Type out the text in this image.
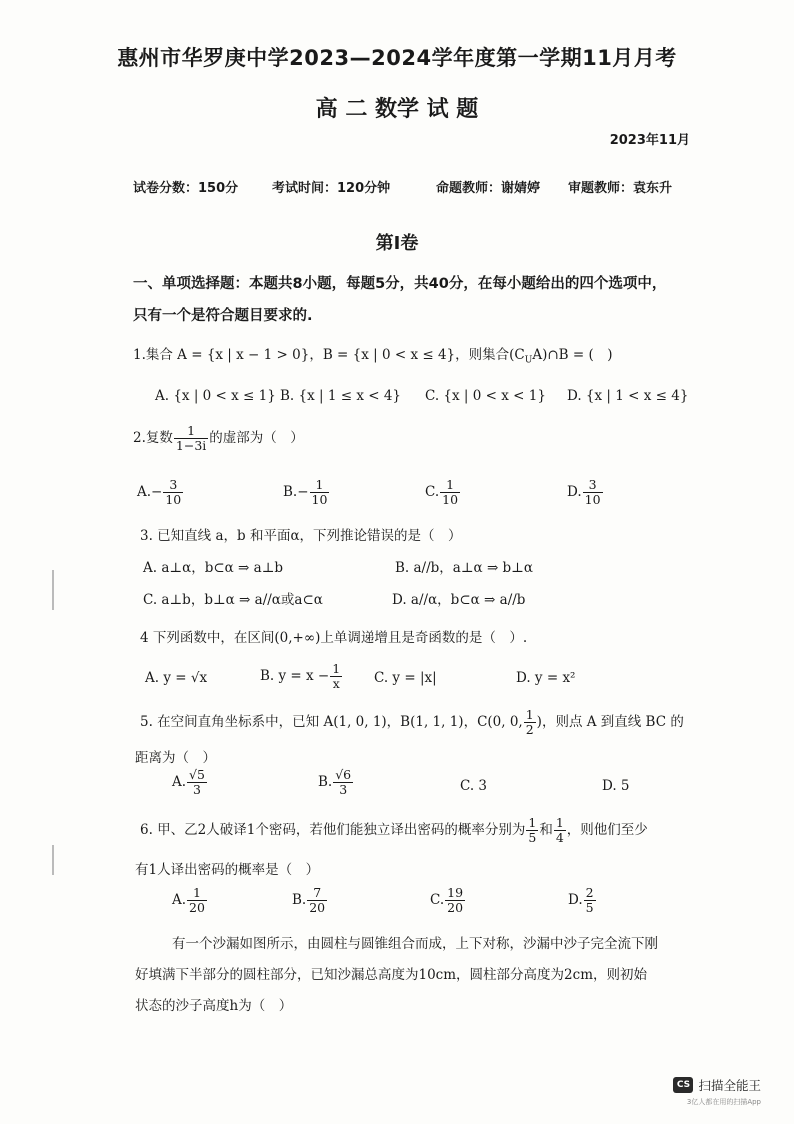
惠州市华罗庚中学2023—2024学年度第一学期11月月考
高 二 数学 试 题
2023年11月
试卷分数：150分	考试时间：120分钟	命题教师：谢婧婷 审题教师：袁东升
第Ⅰ卷
一、单项选择题：本题共8小题，每题5分，共40分，在每小题给出的四个选项中，
只有一个是符合题目要求的.
1.集合 A = {x | x − 1 > 0}，B = {x | 0 < x ≤ 4}，则集合$(C_UA)\cap B$ = (　)
A. {x | 0 < x ≤ 1} B. {x | 1 ≤ x < 4} C. {x | 0 < x < 1} D. {x | 1 < x ≤ 4}
2.复数 $\frac{1}{1-3i}$ 的虚部为（　）
$A.- \frac{3}{10}$	$B.- \frac{1}{10}$	C. $\frac{1}{10}$	D. $\frac{3}{10}$
3. 已知直线 a，b 和平面α，下列推论错误的是（　）
A. a⊥α，b⊂α ⇒ a⊥b	B. a//b，a⊥α ⇒ b⊥α
C. a⊥b，b⊥α ⇒ a//α或a⊂α	D. a//α，b⊂α ⇒ a//b
4 下列函数中，在区间(0,+∞)上单调递增且是奇函数的是（　）.
A. y = √x	B. $y = x - \frac{1}{x} C$. y = |x|	D. y = x²
5. 在空间直角坐标系中，已知 A(1, 0, 1)，B(1, 1, 1)，C(0, 0, $\frac{1}{2}$ )，则点 A 到直线 BC 的
距离为（　）
A. $\frac{√5}{3}$	B. $\frac{√6}{3}$	C. 3	D. 5
6. 甲、乙2人破译1个密码，若他们能独立译出密码的概率分别为 $\frac{1}{5}$ 和 $\frac{1}{4}$ ，则他们至少
有1人译出密码的概率是（　）
A. $\frac{1}{20}$	B. $\frac{7}{20}$	C. $\frac{19}{20}$	D. $\frac{2}{5}$
有一个沙漏如图所示，由圆柱与圆锥组合而成，上下对称，沙漏中沙子完全流下刚
好填满下半部分的圆柱部分，已知沙漏总高度为10cm，圆柱部分高度为2cm，则初始
状态的沙子高度h为（　）
CS 扫描全能王
3亿人都在用的扫描App
